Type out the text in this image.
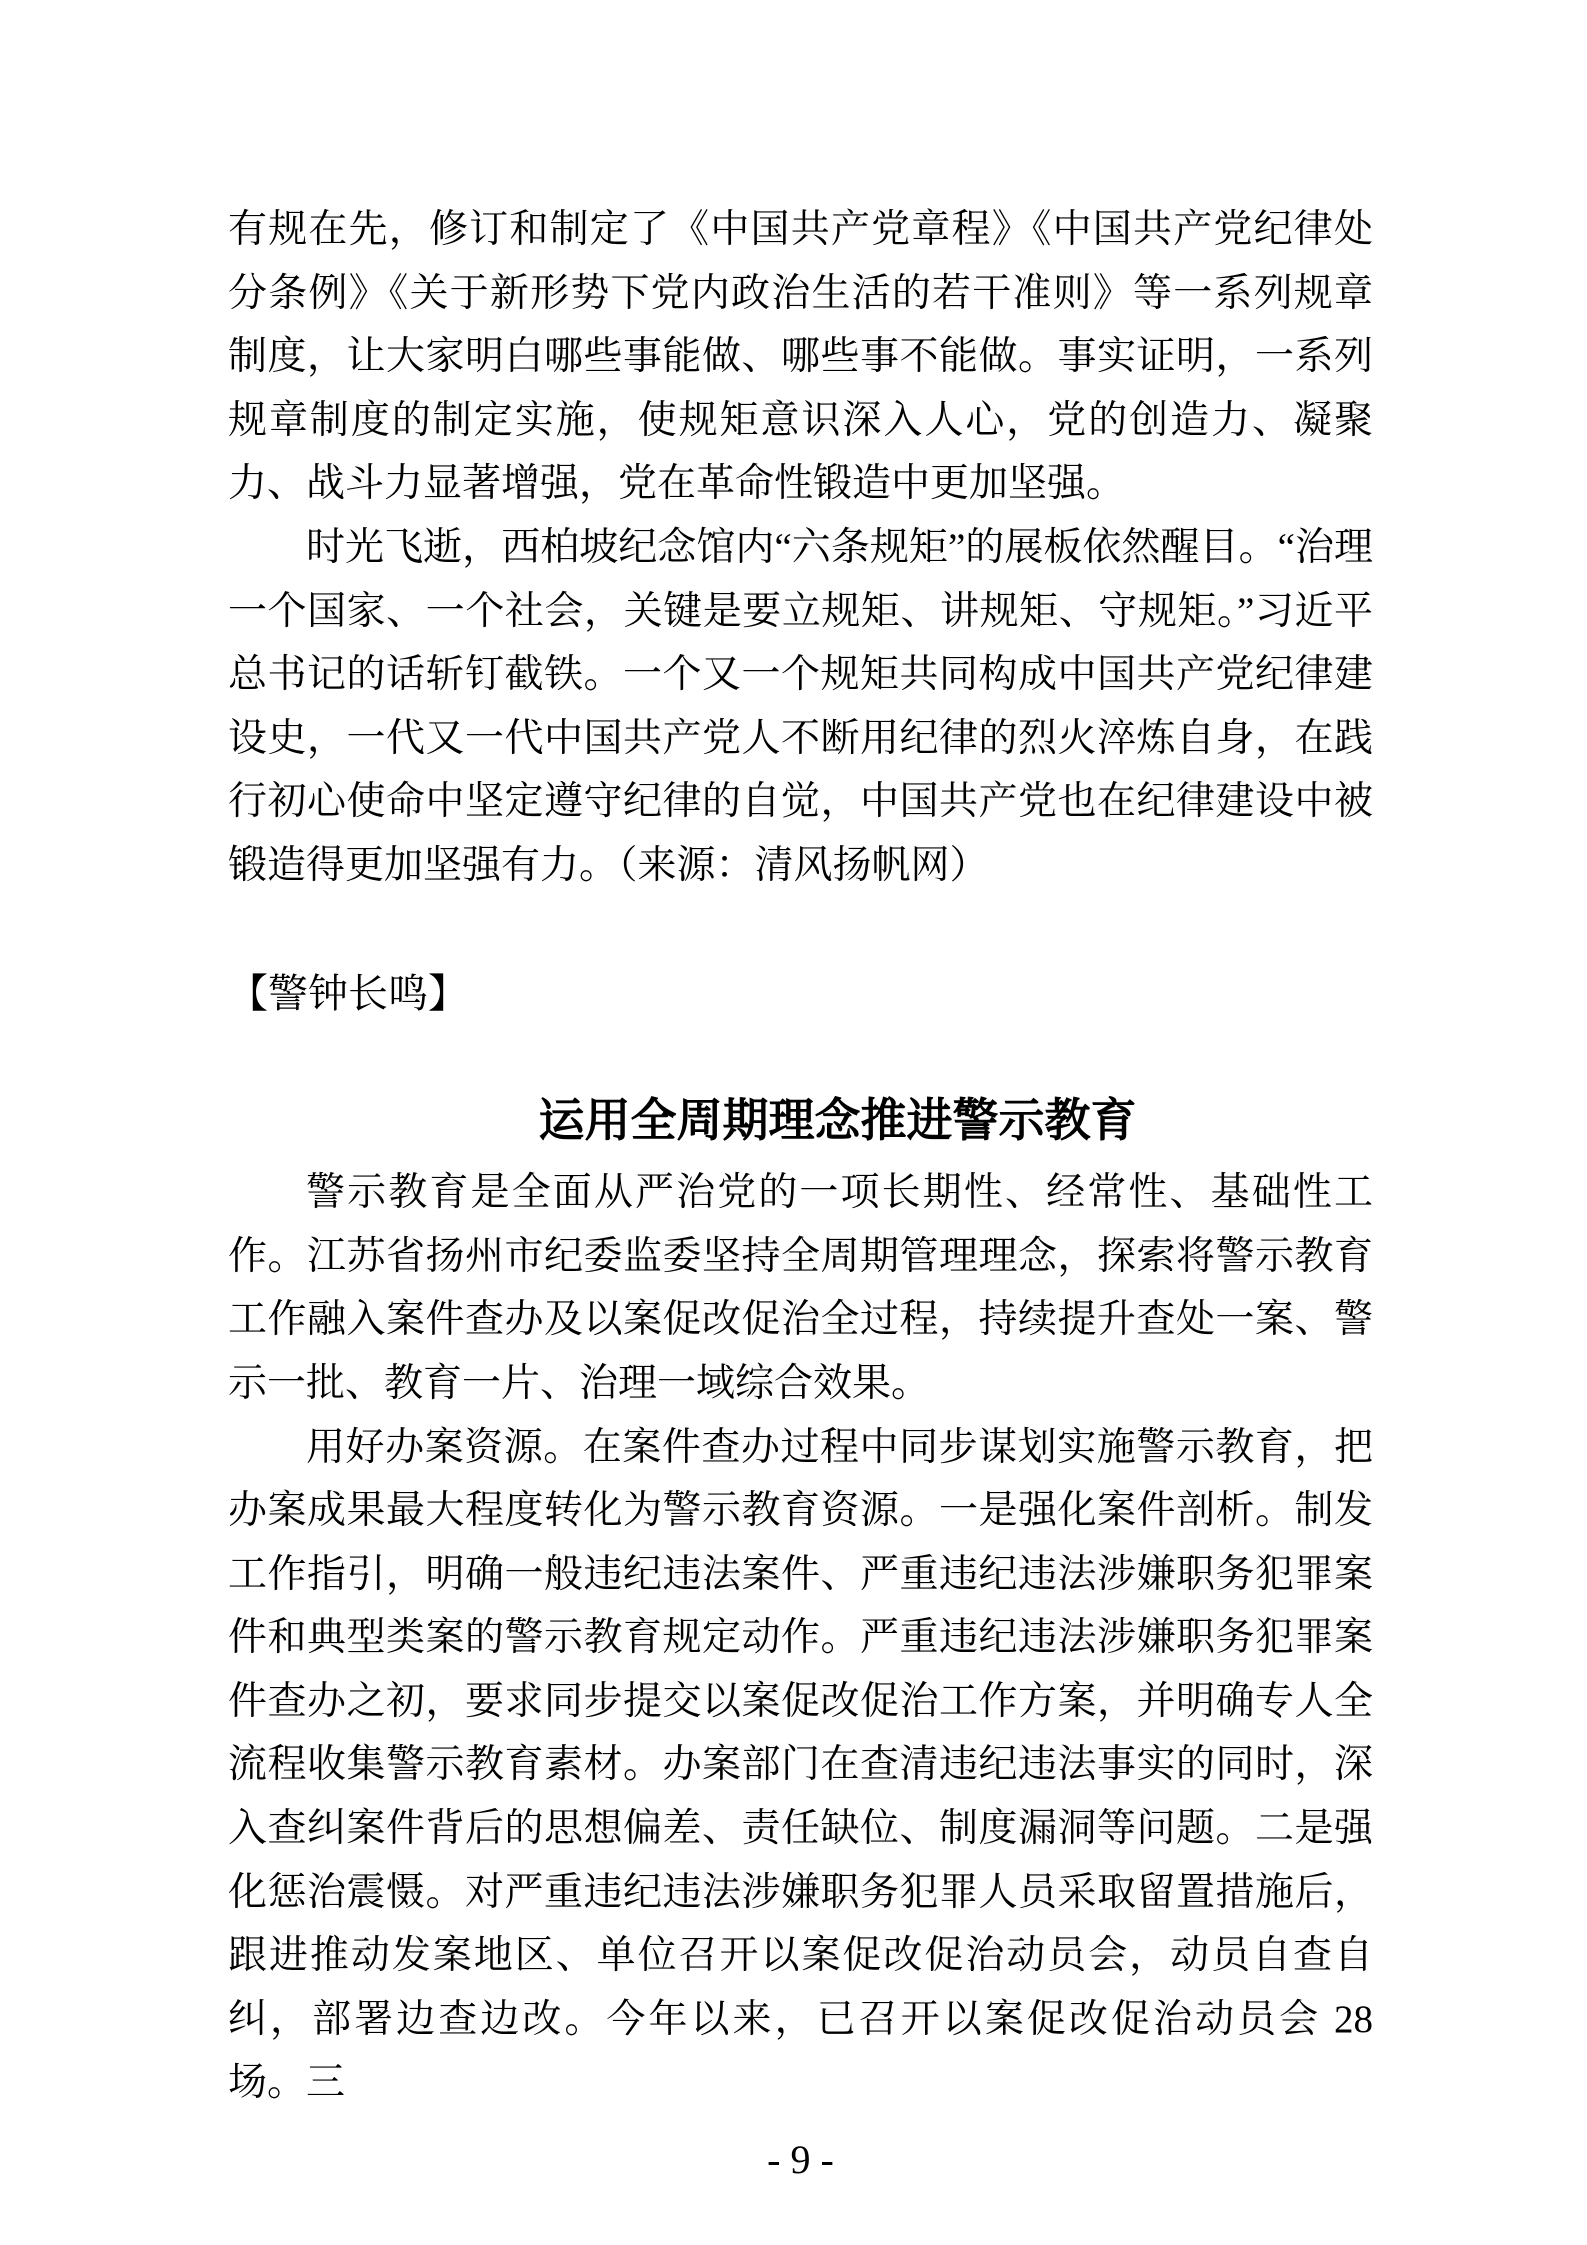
有规在先，修订和制定了《中国共产党章程》《中国共产党纪律处分条例》《关于新形势下党内政治生活的若干准则》等一系列规章制度，让大家明白哪些事能做、哪些事不能做。事实证明，一系列规章制度的制定实施，使规矩意识深入人心，党的创造力、凝聚力、战斗力显著增强，党在革命性锻造中更加坚强。

时光飞逝，西柏坡纪念馆内“六条规矩”的展板依然醒目。“治理一个国家、一个社会，关键是要立规矩、讲规矩、守规矩。”习近平总书记的话斩钉截铁。一个又一个规矩共同构成中国共产党纪律建设史，一代又一代中国共产党人不断用纪律的烈火淬炼自身，在践行初心使命中坚定遵守纪律的自觉，中国共产党也在纪律建设中被锻造得更加坚强有力。（来源：清风扬帆网）

【警钟长鸣】
运用全周期理念推进警示教育

警示教育是全面从严治党的一项长期性、经常性、基础性工作。江苏省扬州市纪委监委坚持全周期管理理念，探索将警示教育工作融入案件查办及以案促改促治全过程，持续提升查处一案、警示一批、教育一片、治理一域综合效果。

用好办案资源。在案件查办过程中同步谋划实施警示教育，把办案成果最大程度转化为警示教育资源。一是强化案件剖析。制发工作指引，明确一般违纪违法案件、严重违纪违法涉嫌职务犯罪案件和典型类案的警示教育规定动作。严重违纪违法涉嫌职务犯罪案件查办之初，要求同步提交以案促改促治工作方案，并明确专人全流程收集警示教育素材。办案部门在查清违纪违法事实的同时，深入查纠案件背后的思想偏差、责任缺位、制度漏洞等问题。二是强化惩治震慑。对严重违纪违法涉嫌职务犯罪人员采取留置措施后，跟进推动发案地区、单位召开以案促改促治动员会，动员自查自纠，部署边查边改。今年以来，已召开以案促改促治动员会 28 场。三

- 9 -
